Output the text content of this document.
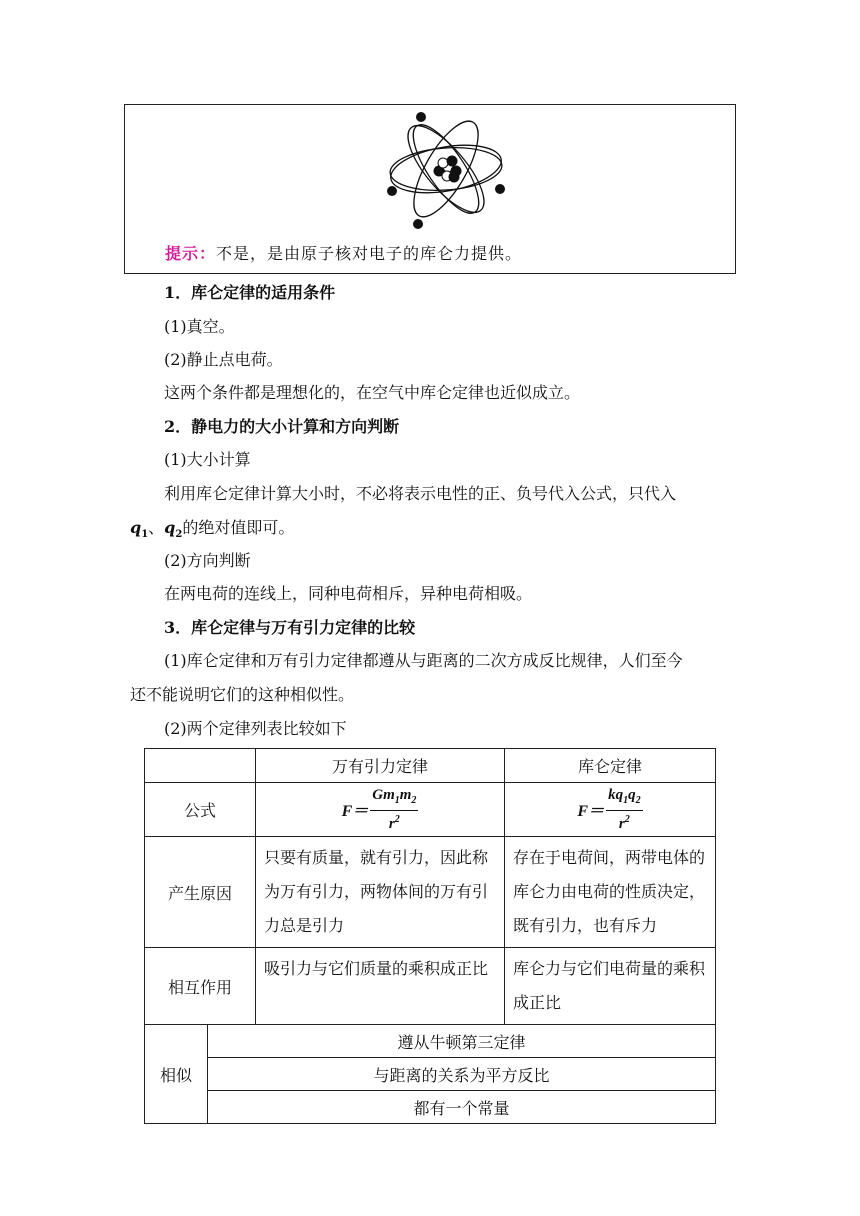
提示：不是，是由原子核对电子的库仑力提供。
1．库仑定律的适用条件
(1)真空。
(2)静止点电荷。
这两个条件都是理想化的，在空气中库仑定律也近似成立。
2．静电力的大小计算和方向判断
(1)大小计算
利用库仑定律计算大小时，不必将表示电性的正、负号代入公式，只代入
$q_1$、$q_2$的绝对值即可。
(2)方向判断
在两电荷的连线上，同种电荷相斥，异种电荷相吸。
3．库仑定律与万有引力定律的比较
(1)库仑定律和万有引力定律都遵从与距离的二次方成反比规律，人们至今
还不能说明它们的这种相似性。
(2)两个定律列表比较如下
		万有引力定律	库仑定律
公式		$F= \frac{Gm_1m_2}{r^2}$	$F= \frac{kq_1q_2}{r^2}$

产生原因		只要有质量，就有引力，因此称为万有引力，两物体间的万有引力总是引力	存在于电荷间，两带电体的库仑力由电荷的性质决定，既有引力，也有斥力
相互作用		吸引力与它们质量的乘积成正比	库仑力与它们电荷量的乘积成正比
相似	遵从牛顿第三定律		
	与距离的关系为平方反比		
	都有一个常量		
